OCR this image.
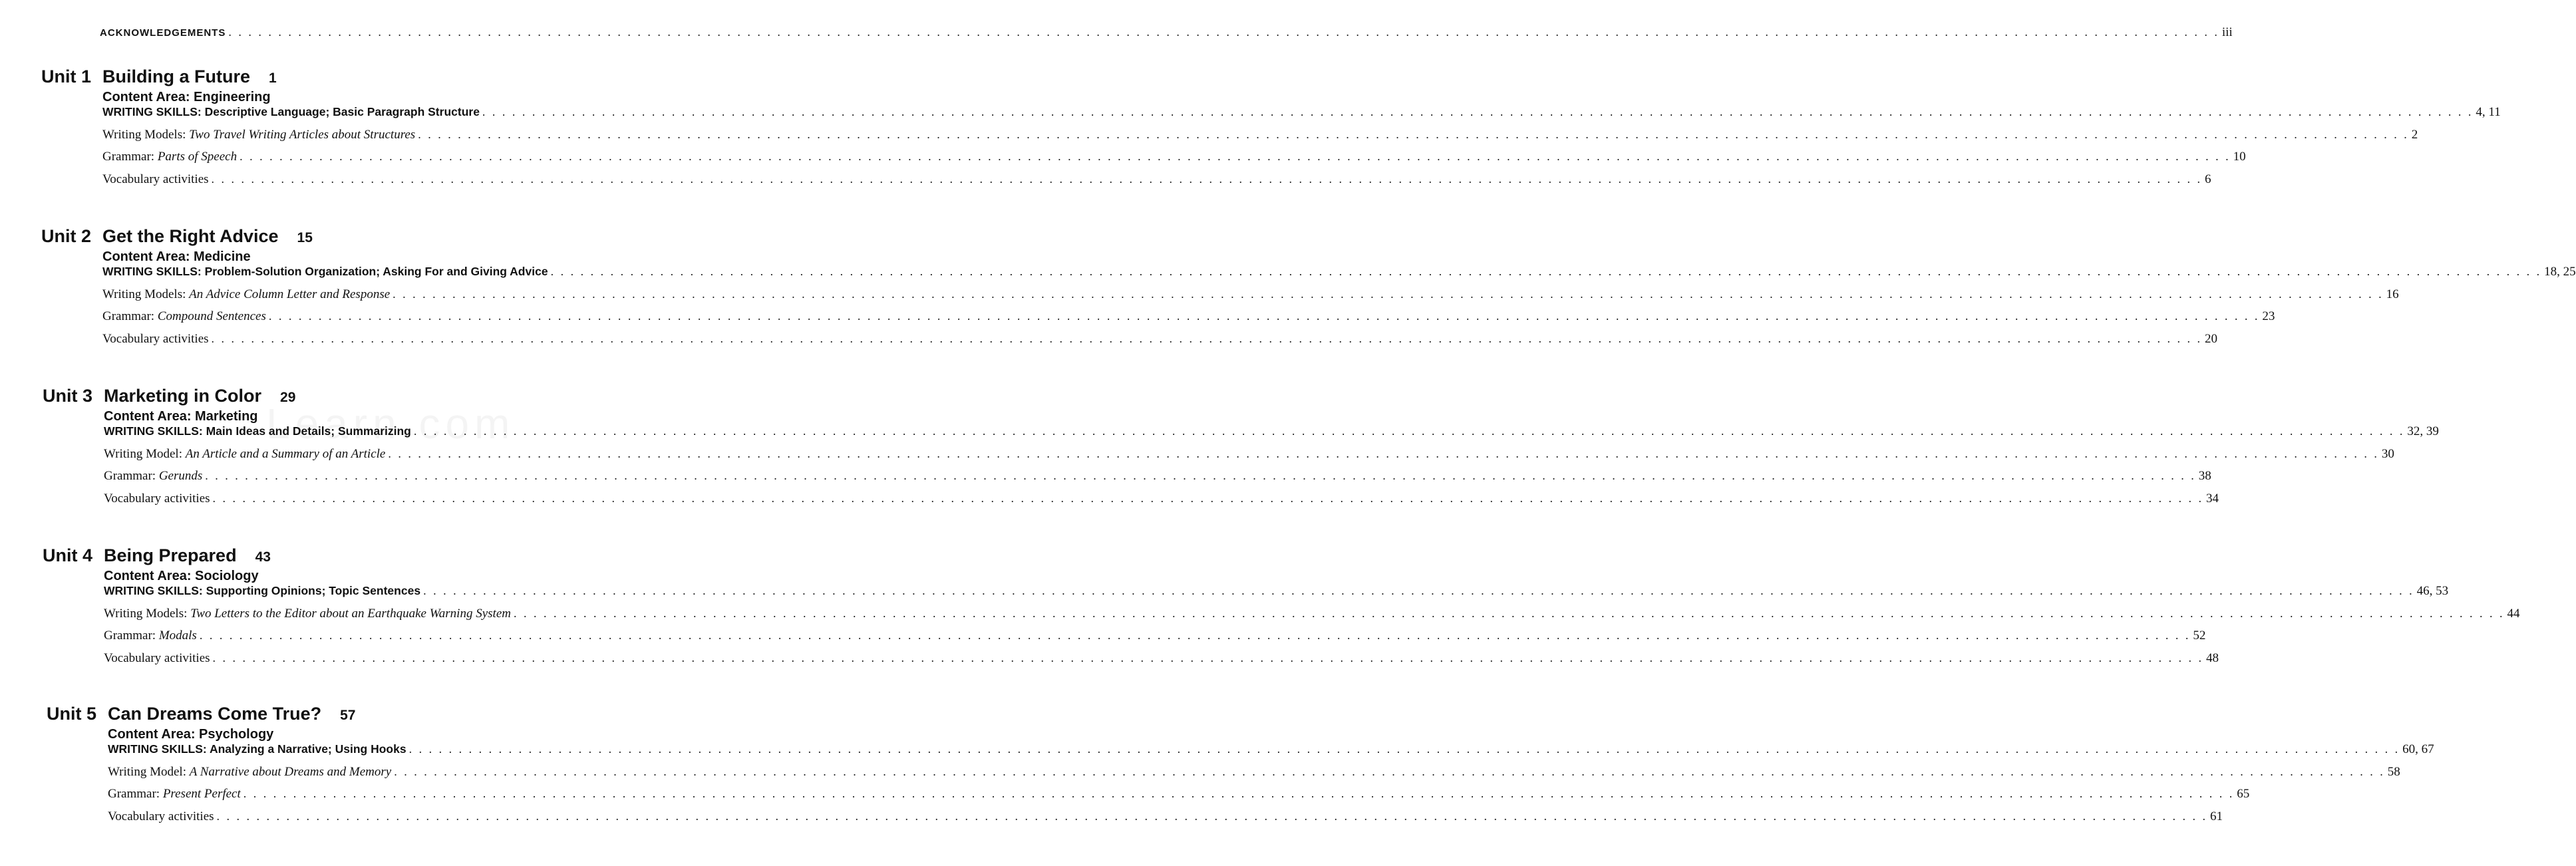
ACKNOWLEDGEMENTS . . . . . . . . . . . . . . . . . . . . . . . . . . . . . . . . . . . . . . . . . . . . . . . . . . . . . . . . . . . . . . . . . . . . . . . . . . . . . . . . . . . . . . . . . . . . . . . . . . . . . . . . . . . . . . . . . . . . . . . . . . . . . . . . . . . . . . . . . . . . . . . . . . . . . . . . . . . . . . . . . . . . . . . . . . . . . . . . . . . . . . . . . . . . . . . . . . . . . . . . iii
Unit 1 Building a Future 1
Content Area: Engineering
WRITING SKILLS: Descriptive Language; Basic Paragraph Structure . . . . . . . . . . . . . . . . . . . . . . . . . . . . . . . . . . . . . . . . . . . . . . . . . . . . . . . . . . . . . . . . . . . . . . . . . . . . . . . . . . . . . . . . . . . . . . . . . . . . . . . . . . . . . . . . . . . . . . . . . . . . . . . . . . . . . . . . . . . . . . . . . . . . . . . . . . . . . . . . . . . . . . . . . . . . . . . . . . . . . . . . . . . . . . . . . . . . . . . . 4, 11
Writing Models: Two Travel Writing Articles about Structures . . . . . . . . . . . . . . . . . . . . . . . . . . . . . . . . . . . . . . . . . . . . . . . . . . . . . . . . . . . . . . . . . . . . . . . . . . . . . . . . . . . . . . . . . . . . . . . . . . . . . . . . . . . . . . . . . . . . . . . . . . . . . . . . . . . . . . . . . . . . . . . . . . . . . . . . . . . . . . . . . . . . . . . . . . . . . . . . . . . . . . . . . . . . . . . . . . . . . . . . 2
Grammar: Parts of Speech . . . . . . . . . . . . . . . . . . . . . . . . . . . . . . . . . . . . . . . . . . . . . . . . . . . . . . . . . . . . . . . . . . . . . . . . . . . . . . . . . . . . . . . . . . . . . . . . . . . . . . . . . . . . . . . . . . . . . . . . . . . . . . . . . . . . . . . . . . . . . . . . . . . . . . . . . . . . . . . . . . . . . . . . . . . . . . . . . . . . . . . . . . . . . . . . . . . . . . . . 10
Vocabulary activities . . . . . . . . . . . . . . . . . . . . . . . . . . . . . . . . . . . . . . . . . . . . . . . . . . . . . . . . . . . . . . . . . . . . . . . . . . . . . . . . . . . . . . . . . . . . . . . . . . . . . . . . . . . . . . . . . . . . . . . . . . . . . . . . . . . . . . . . . . . . . . . . . . . . . . . . . . . . . . . . . . . . . . . . . . . . . . . . . . . . . . . . . . . . . . . . . . . . . . . . 6
Unit 2 Get the Right Advice 15
Content Area: Medicine
WRITING SKILLS: Problem-Solution Organization; Asking For and Giving Advice . . . . . . . . . . . . . . . . . . . . . . . . . . . . . . . . . . . . . . . . . . . . . . . . . . . . . . . . . . . . . . . . . . . . . . . . . . . . . . . . . . . . . . . . . . . . . . . . . . . . . . . . . . . . . . . . . . . . . . . . . . . . . . . . . . . . . . . . . . . . . . . . . . . . . . . . . . . . . . . . . . . . . . . . . . . . . . . . . . . . . . . . . . . . . . . . . . . . . . . . 18, 25
Writing Models: An Advice Column Letter and Response . . . . . . . . . . . . . . . . . . . . . . . . . . . . . . . . . . . . . . . . . . . . . . . . . . . . . . . . . . . . . . . . . . . . . . . . . . . . . . . . . . . . . . . . . . . . . . . . . . . . . . . . . . . . . . . . . . . . . . . . . . . . . . . . . . . . . . . . . . . . . . . . . . . . . . . . . . . . . . . . . . . . . . . . . . . . . . . . . . . . . . . . . . . . . . . . . . . . . . . . 16
Grammar: Compound Sentences . . . . . . . . . . . . . . . . . . . . . . . . . . . . . . . . . . . . . . . . . . . . . . . . . . . . . . . . . . . . . . . . . . . . . . . . . . . . . . . . . . . . . . . . . . . . . . . . . . . . . . . . . . . . . . . . . . . . . . . . . . . . . . . . . . . . . . . . . . . . . . . . . . . . . . . . . . . . . . . . . . . . . . . . . . . . . . . . . . . . . . . . . . . . . . . . . . . . . . . . 23
Vocabulary activities . . . . . . . . . . . . . . . . . . . . . . . . . . . . . . . . . . . . . . . . . . . . . . . . . . . . . . . . . . . . . . . . . . . . . . . . . . . . . . . . . . . . . . . . . . . . . . . . . . . . . . . . . . . . . . . . . . . . . . . . . . . . . . . . . . . . . . . . . . . . . . . . . . . . . . . . . . . . . . . . . . . . . . . . . . . . . . . . . . . . . . . . . . . . . . . . . . . . . . . . 20
Unit 3 Marketing in Color 29
Content Area: Marketing
WRITING SKILLS: Main Ideas and Details; Summarizing . . . . . . . . . . . . . . . . . . . . . . . . . . . . . . . . . . . . . . . . . . . . . . . . . . . . . . . . . . . . . . . . . . . . . . . . . . . . . . . . . . . . . . . . . . . . . . . . . . . . . . . . . . . . . . . . . . . . . . . . . . . . . . . . . . . . . . . . . . . . . . . . . . . . . . . . . . . . . . . . . . . . . . . . . . . . . . . . . . . . . . . . . . . . . . . . . . . . . . . . 32, 39
Writing Model: An Article and a Summary of an Article . . . . . . . . . . . . . . . . . . . . . . . . . . . . . . . . . . . . . . . . . . . . . . . . . . . . . . . . . . . . . . . . . . . . . . . . . . . . . . . . . . . . . . . . . . . . . . . . . . . . . . . . . . . . . . . . . . . . . . . . . . . . . . . . . . . . . . . . . . . . . . . . . . . . . . . . . . . . . . . . . . . . . . . . . . . . . . . . . . . . . . . . . . . . . . . . . . . . . . . . 30
Grammar: Gerunds . . . . . . . . . . . . . . . . . . . . . . . . . . . . . . . . . . . . . . . . . . . . . . . . . . . . . . . . . . . . . . . . . . . . . . . . . . . . . . . . . . . . . . . . . . . . . . . . . . . . . . . . . . . . . . . . . . . . . . . . . . . . . . . . . . . . . . . . . . . . . . . . . . . . . . . . . . . . . . . . . . . . . . . . . . . . . . . . . . . . . . . . . . . . . . . . . . . . . . . . 38
Vocabulary activities . . . . . . . . . . . . . . . . . . . . . . . . . . . . . . . . . . . . . . . . . . . . . . . . . . . . . . . . . . . . . . . . . . . . . . . . . . . . . . . . . . . . . . . . . . . . . . . . . . . . . . . . . . . . . . . . . . . . . . . . . . . . . . . . . . . . . . . . . . . . . . . . . . . . . . . . . . . . . . . . . . . . . . . . . . . . . . . . . . . . . . . . . . . . . . . . . . . . . . . . 34
Unit 4 Being Prepared 43
Content Area: Sociology
WRITING SKILLS: Supporting Opinions; Topic Sentences . . . . . . . . . . . . . . . . . . . . . . . . . . . . . . . . . . . . . . . . . . . . . . . . . . . . . . . . . . . . . . . . . . . . . . . . . . . . . . . . . . . . . . . . . . . . . . . . . . . . . . . . . . . . . . . . . . . . . . . . . . . . . . . . . . . . . . . . . . . . . . . . . . . . . . . . . . . . . . . . . . . . . . . . . . . . . . . . . . . . . . . . . . . . . . . . . . . . . . . . 46, 53
Writing Models: Two Letters to the Editor about an Earthquake Warning System . . . . . . . . . . . . . . . . . . . . . . . . . . . . . . . . . . . . . . . . . . . . . . . . . . . . . . . . . . . . . . . . . . . . . . . . . . . . . . . . . . . . . . . . . . . . . . . . . . . . . . . . . . . . . . . . . . . . . . . . . . . . . . . . . . . . . . . . . . . . . . . . . . . . . . . . . . . . . . . . . . . . . . . . . . . . . . . . . . . . . . . . . . . . . . . . . . . . . . . . 44
Grammar: Modals . . . . . . . . . . . . . . . . . . . . . . . . . . . . . . . . . . . . . . . . . . . . . . . . . . . . . . . . . . . . . . . . . . . . . . . . . . . . . . . . . . . . . . . . . . . . . . . . . . . . . . . . . . . . . . . . . . . . . . . . . . . . . . . . . . . . . . . . . . . . . . . . . . . . . . . . . . . . . . . . . . . . . . . . . . . . . . . . . . . . . . . . . . . . . . . . . . . . . . . . 52
Vocabulary activities . . . . . . . . . . . . . . . . . . . . . . . . . . . . . . . . . . . . . . . . . . . . . . . . . . . . . . . . . . . . . . . . . . . . . . . . . . . . . . . . . . . . . . . . . . . . . . . . . . . . . . . . . . . . . . . . . . . . . . . . . . . . . . . . . . . . . . . . . . . . . . . . . . . . . . . . . . . . . . . . . . . . . . . . . . . . . . . . . . . . . . . . . . . . . . . . . . . . . . . . 48
Unit 5 Can Dreams Come True? 57
Content Area: Psychology
WRITING SKILLS: Analyzing a Narrative; Using Hooks . . . . . . . . . . . . . . . . . . . . . . . . . . . . . . . . . . . . . . . . . . . . . . . . . . . . . . . . . . . . . . . . . . . . . . . . . . . . . . . . . . . . . . . . . . . . . . . . . . . . . . . . . . . . . . . . . . . . . . . . . . . . . . . . . . . . . . . . . . . . . . . . . . . . . . . . . . . . . . . . . . . . . . . . . . . . . . . . . . . . . . . . . . . . . . . . . . . . . . . . 60, 67
Writing Model: A Narrative about Dreams and Memory . . . . . . . . . . . . . . . . . . . . . . . . . . . . . . . . . . . . . . . . . . . . . . . . . . . . . . . . . . . . . . . . . . . . . . . . . . . . . . . . . . . . . . . . . . . . . . . . . . . . . . . . . . . . . . . . . . . . . . . . . . . . . . . . . . . . . . . . . . . . . . . . . . . . . . . . . . . . . . . . . . . . . . . . . . . . . . . . . . . . . . . . . . . . . . . . . . . . . . . . 58
Grammar: Present Perfect . . . . . . . . . . . . . . . . . . . . . . . . . . . . . . . . . . . . . . . . . . . . . . . . . . . . . . . . . . . . . . . . . . . . . . . . . . . . . . . . . . . . . . . . . . . . . . . . . . . . . . . . . . . . . . . . . . . . . . . . . . . . . . . . . . . . . . . . . . . . . . . . . . . . . . . . . . . . . . . . . . . . . . . . . . . . . . . . . . . . . . . . . . . . . . . . . . . . . . . . 65
Vocabulary activities . . . . . . . . . . . . . . . . . . . . . . . . . . . . . . . . . . . . . . . . . . . . . . . . . . . . . . . . . . . . . . . . . . . . . . . . . . . . . . . . . . . . . . . . . . . . . . . . . . . . . . . . . . . . . . . . . . . . . . . . . . . . . . . . . . . . . . . . . . . . . . . . . . . . . . . . . . . . . . . . . . . . . . . . . . . . . . . . . . . . . . . . . . . . . . . . . . . . . . . . 61
